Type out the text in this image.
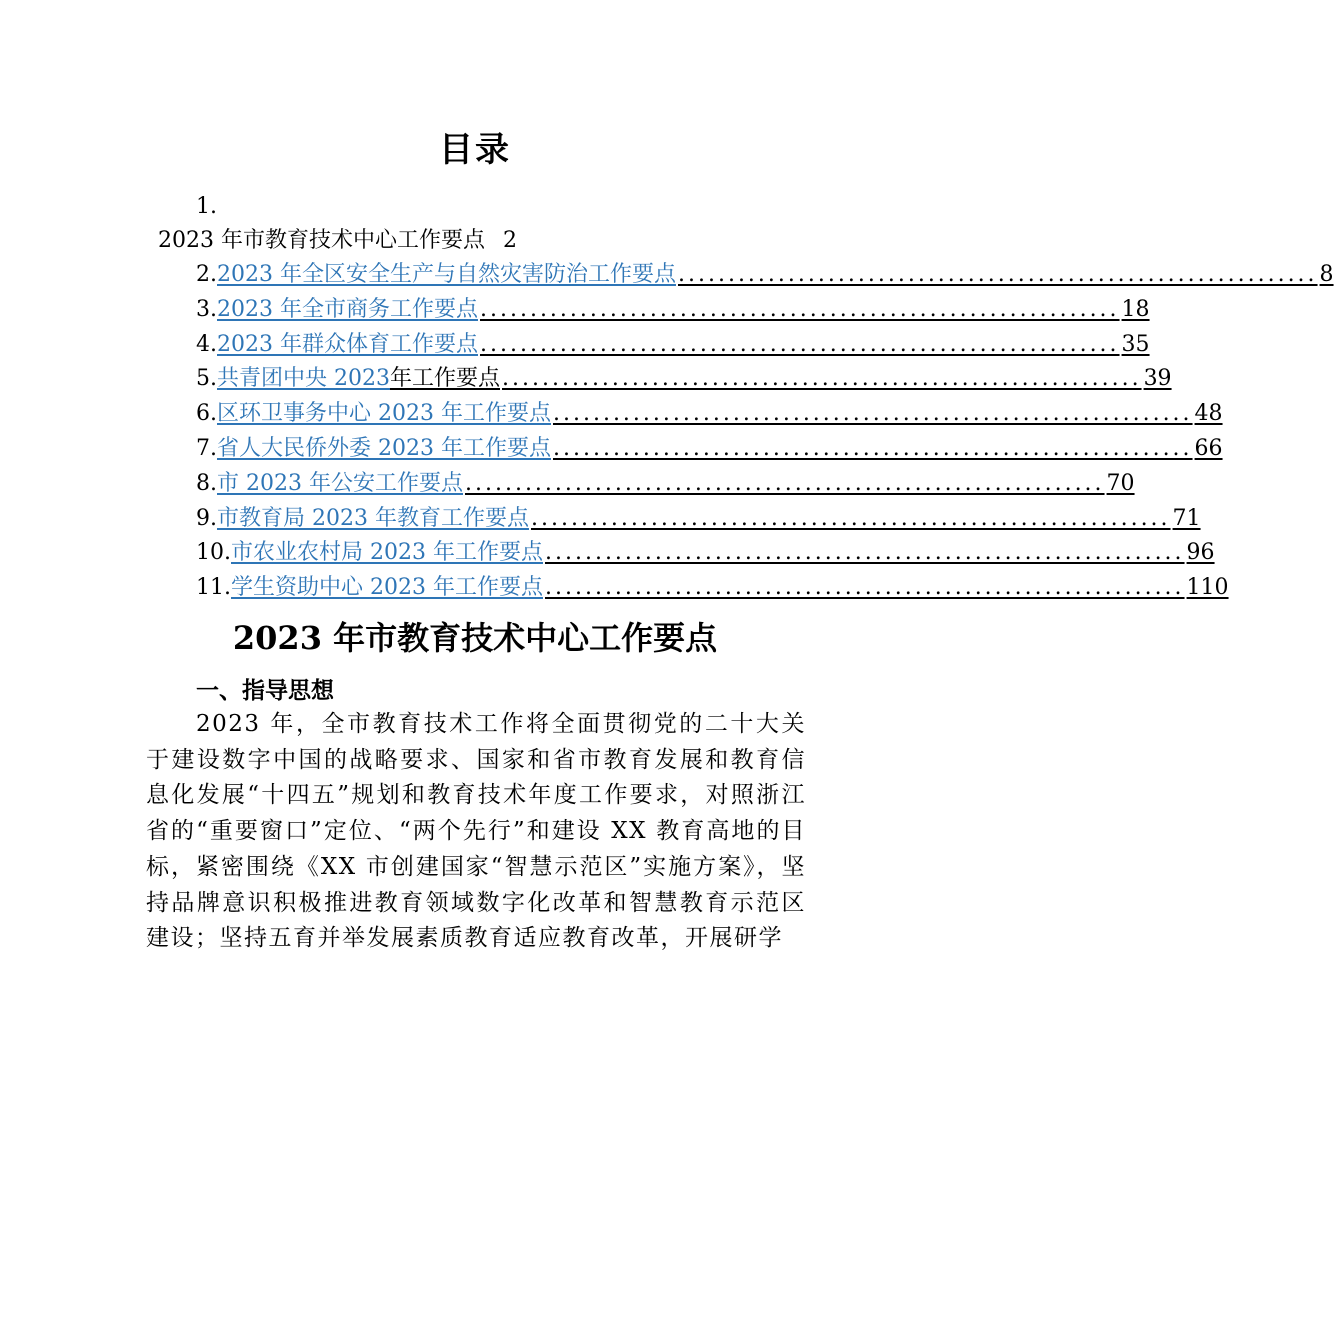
目录
1.
2023 年市教育技术中心工作要点 2
2. 2023 年全区安全生产与自然灾害防治工作要点 ................................................................ 8
3. 2023 年全市商务工作要点 ................................................................ 18
4. 2023 年群众体育工作要点 ................................................................ 35
5. 共青团中央 2023 年工作要点 ................................................................ 39
6. 区环卫事务中心 2023 年工作要点 ................................................................ 48
7. 省人大民侨外委 2023 年工作要点 ................................................................ 66
8. 市 2023 年公安工作要点 ................................................................ 70
9. 市教育局 2023 年教育工作要点 ................................................................ 71
10. 市农业农村局 2023 年工作要点 ................................................................ 96
11. 学生资助中心 2023 年工作要点 ................................................................ 110
2023 年市教育技术中心工作要点
一、指导思想
2023 年，全市教育技术工作将全面贯彻党的二十大关于建设数字中国的战略要求、国家和省市教育发展和教育信息化发展“十四五”规划和教育技术年度工作要求，对照浙江省的“重要窗口”定位、“两个先行”和建设 XX 教育高地的目标，紧密围绕《XX 市创建国家“智慧示范区”实施方案》，坚持品牌意识积极推进教育领域数字化改革和智慧教育示范区建设；坚持五育并举发展素质教育适应教育改革，开展研学
